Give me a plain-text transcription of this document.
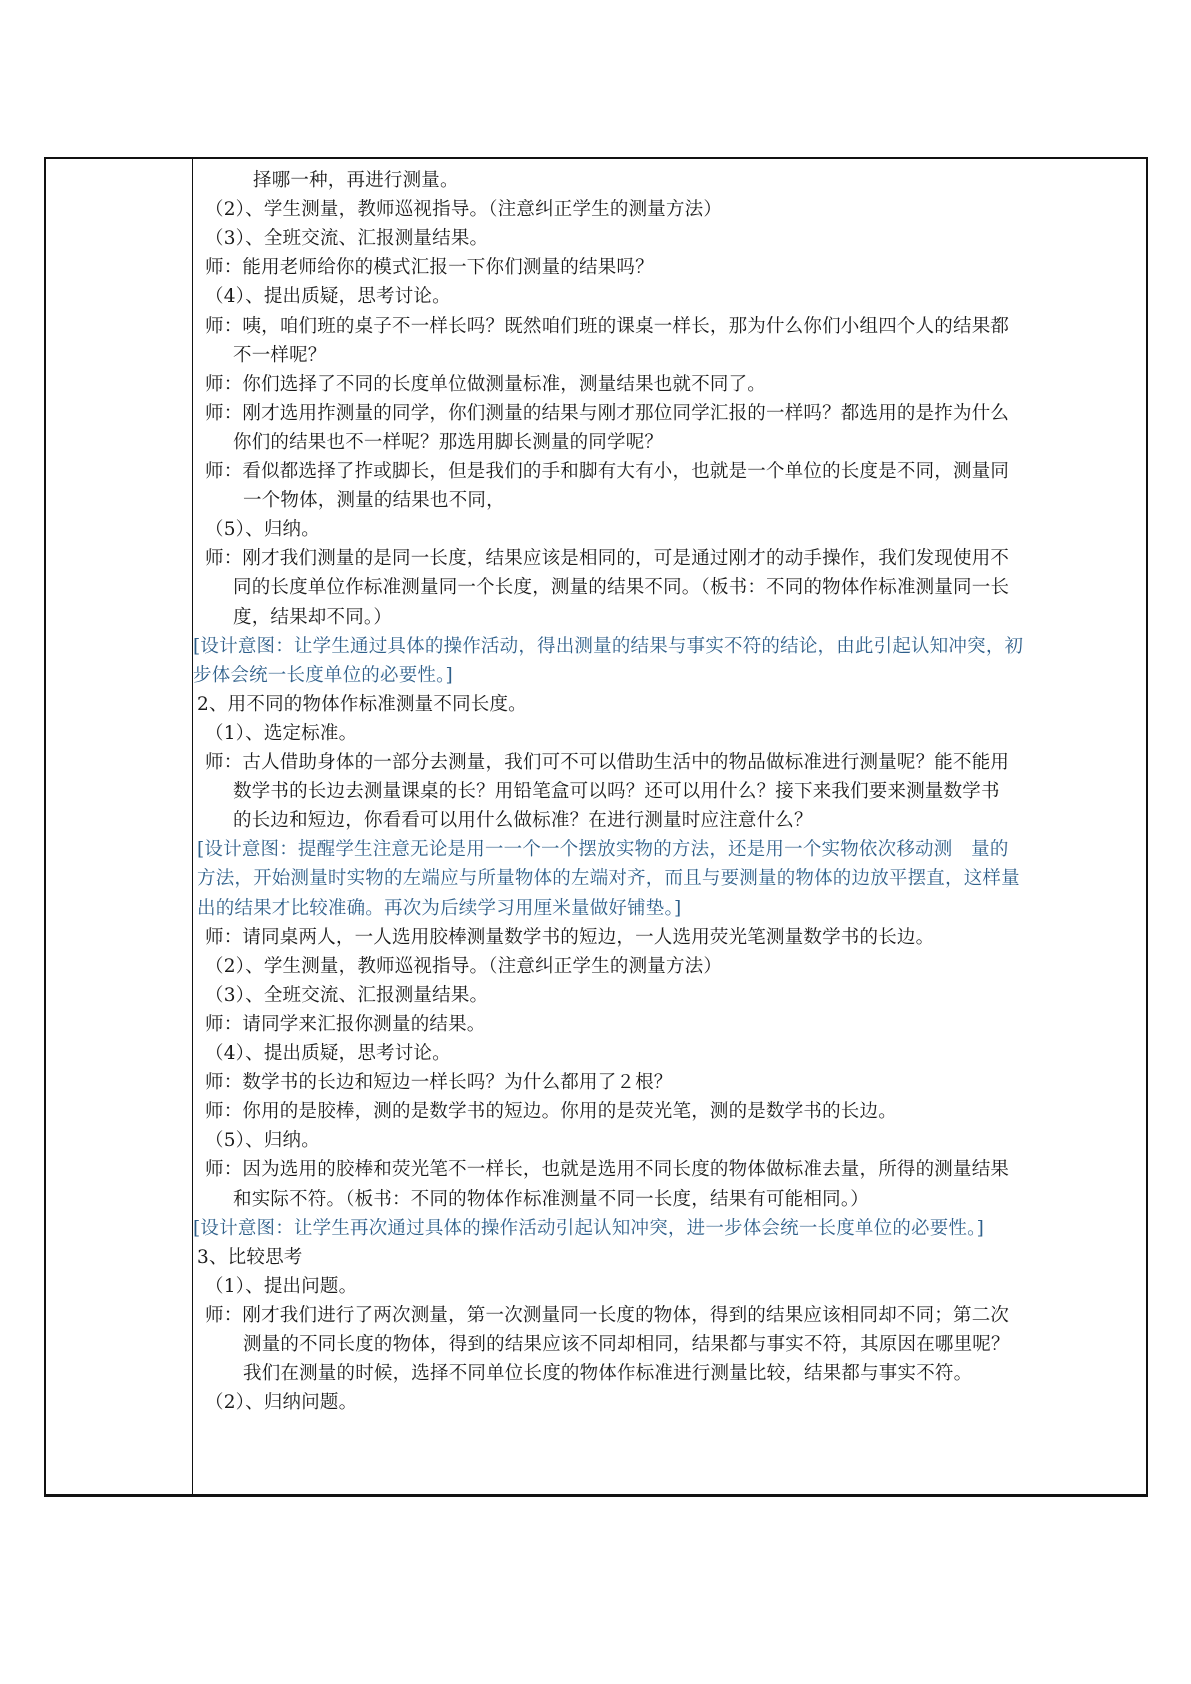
择哪一种，再进行测量。
（2）、学生测量，教师巡视指导。（注意纠正学生的测量方法）
（3）、全班交流、汇报测量结果。
师：能用老师给你的模式汇报一下你们测量的结果吗？
（4）、提出质疑，思考讨论。
师：咦，咱们班的桌子不一样长吗？既然咱们班的课桌一样长，那为什么你们小组四个人的结果都
不一样呢？
师：你们选择了不同的长度单位做测量标准，测量结果也就不同了。
师：刚才选用拃测量的同学，你们测量的结果与刚才那位同学汇报的一样吗？都选用的是拃为什么
你们的结果也不一样呢？那选用脚长测量的同学呢？
师：看似都选择了拃或脚长，但是我们的手和脚有大有小，也就是一个单位的长度是不同，测量同
一个物体，测量的结果也不同，
（5）、归纳。
师：刚才我们测量的是同一长度，结果应该是相同的，可是通过刚才的动手操作，我们发现使用不
同的长度单位作标准测量同一个长度，测量的结果不同。（板书：不同的物体作标准测量同一长
度，结果却不同。）
[设计意图：让学生通过具体的操作活动，得出测量的结果与事实不符的结论，由此引起认知冲突，初
步体会统一长度单位的必要性。]
2、用不同的物体作标准测量不同长度。
（1）、选定标准。
师：古人借助身体的一部分去测量，我们可不可以借助生活中的物品做标准进行测量呢？能不能用
数学书的长边去测量课桌的长？用铅笔盒可以吗？还可以用什么？接下来我们要来测量数学书
的长边和短边，你看看可以用什么做标准？在进行测量时应注意什么？
[设计意图：提醒学生注意无论是用一一个一个摆放实物的方法，还是用一个实物依次移动测　量的
方法，开始测量时实物的左端应与所量物体的左端对齐，而且与要测量的物体的边放平摆直，这样量
出的结果才比较准确。再次为后续学习用厘米量做好铺垫。]
师：请同桌两人，一人选用胶棒测量数学书的短边，一人选用荧光笔测量数学书的长边。
（2）、学生测量，教师巡视指导。（注意纠正学生的测量方法）
（3）、全班交流、汇报测量结果。
师：请同学来汇报你测量的结果。
（4）、提出质疑，思考讨论。
师：数学书的长边和短边一样长吗？为什么都用了２根？
师：你用的是胶棒，测的是数学书的短边。你用的是荧光笔，测的是数学书的长边。
（5）、归纳。
师：因为选用的胶棒和荧光笔不一样长，也就是选用不同长度的物体做标准去量，所得的测量结果
和实际不符。（板书：不同的物体作标准测量不同一长度，结果有可能相同。）
[设计意图：让学生再次通过具体的操作活动引起认知冲突，进一步体会统一长度单位的必要性。]
3、比较思考
（1）、提出问题。
师：刚才我们进行了两次测量，第一次测量同一长度的物体，得到的结果应该相同却不同；第二次
测量的不同长度的物体，得到的结果应该不同却相同，结果都与事实不符，其原因在哪里呢？
我们在测量的时候，选择不同单位长度的物体作标准进行测量比较，结果都与事实不符。
（2）、归纳问题。
